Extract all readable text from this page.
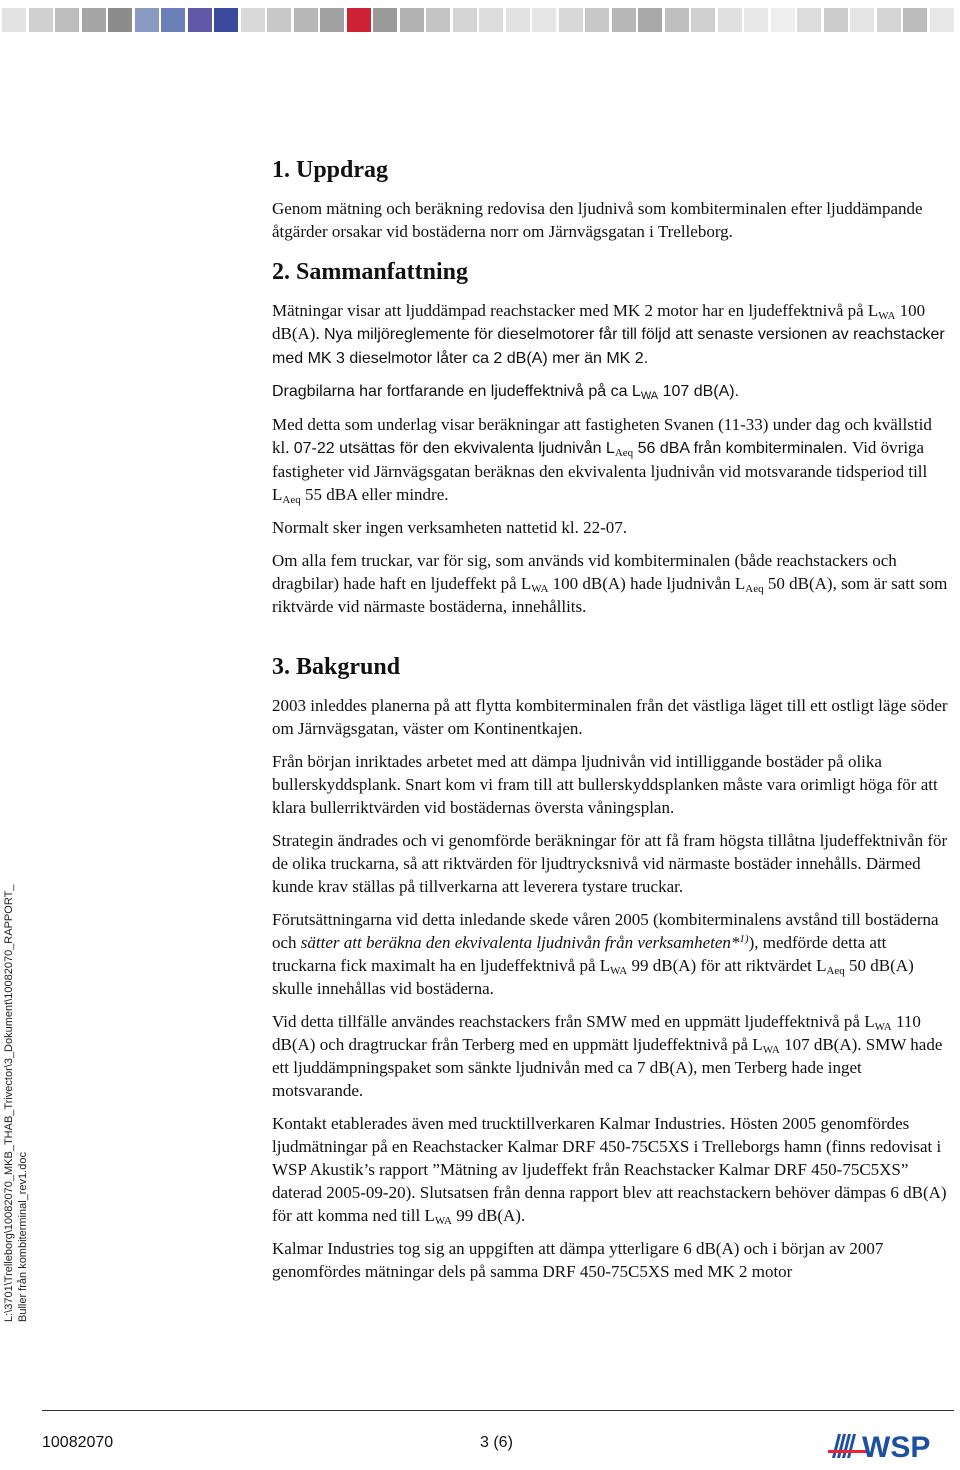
1. Uppdrag

Genom mätning och beräkning redovisa den ljudnivå som kombiterminalen efter ljuddämpande åtgärder orsakar vid bostäderna norr om Järnvägsgatan i Trelleborg.

2. Sammanfattning

Mätningar visar att ljuddämpad reachstacker med MK 2 motor har en ljudeffektnivå på $L_{WA}$ 100 dB(A). Nya miljöreglemente för dieselmotorer får till följd att senaste versionen av reachstacker med MK 3 dieselmotor låter ca 2 dB(A) mer än MK 2.

Dragbilarna har fortfarande en ljudeffektnivå på ca $L_{WA}$ 107 dB(A).

Med detta som underlag visar beräkningar att fastigheten Svanen (11-33) under dag och kvällstid kl. 07-22 utsättas för den ekvivalenta ljudnivån $L_{Aeq}$ 56 dBA från kombiterminalen. Vid övriga fastigheter vid Järnvägsgatan beräknas den ekvivalenta ljudnivån vid motsvarande tidsperiod till $L_{Aeq}$ 55 dBA eller mindre.

Normalt sker ingen verksamheten nattetid kl. 22-07.

Om alla fem truckar, var för sig, som används vid kombiterminalen (både reachstackers och dragbilar) hade haft en ljudeffekt på $L_{WA}$ 100 dB(A) hade ljudnivån $L_{Aeq}$ 50 dB(A), som är satt som riktvärde vid närmaste bostäderna, innehållits.

3. Bakgrund

2003 inleddes planerna på att flytta kombiterminalen från det västliga läget till ett ostligt läge söder om Järnvägsgatan, väster om Kontinentkajen.

Från början inriktades arbetet med att dämpa ljudnivån vid intilliggande bostäder på olika bullerskyddsplank. Snart kom vi fram till att bullerskyddsplanken måste vara orimligt höga för att klara bullerriktvärden vid bostädernas översta våningsplan.

Strategin ändrades och vi genomförde beräkningar för att få fram högsta tillåtna ljudeffektnivån för de olika truckarna, så att riktvärden för ljudtrycksnivå vid närmaste bostäder innehålls. Därmed kunde krav ställas på tillverkarna att leverera tystare truckar.

Förutsättningarna vid detta inledande skede våren 2005 (kombiterminalens avstånd till bostäderna och sätter att beräkna den ekvivalenta ljudnivån från verksamheten*$^{1)}$), medförde detta att truckarna fick maximalt ha en ljudeffektnivå på $L_{WA}$ 99 dB(A) för att riktvärdet $L_{Aeq}$ 50 dB(A) skulle innehållas vid bostäderna.

Vid detta tillfälle användes reachstackers från SMW med en uppmätt ljudeffektnivå på $L_{WA}$ 110 dB(A) och dragtruckar från Terberg med en uppmätt ljudeffektnivå på $L_{WA}$ 107 dB(A). SMW hade ett ljuddämpningspaket som sänkte ljudnivån med ca 7 dB(A), men Terberg hade inget motsvarande.

Kontakt etablerades även med trucktillverkaren Kalmar Industries. Hösten 2005 genomfördes ljudmätningar på en Reachstacker Kalmar DRF 450-75C5XS i Trelleborgs hamn (finns redovisat i WSP Akustik’s rapport ”Mätning av ljudeffekt från Reachstacker Kalmar DRF 450-75C5XS” daterad 2005-09-20). Slutsatsen från denna rapport blev att reachstackern behöver dämpas 6 dB(A) för att komma ned till $L_{WA}$ 99 dB(A).

Kalmar Industries tog sig an uppgiften att dämpa ytterligare 6 dB(A) och i början av 2007 genomfördes mätningar dels på samma DRF 450-75C5XS med MK 2 motor

L:\3701\Trelleborg\10082070_MKB_THAB_Trivector\3_Dokument\10082070_RAPPORT_ Buller från kombiterminal_rev1.doc
10082070	3 (6)	WSP
